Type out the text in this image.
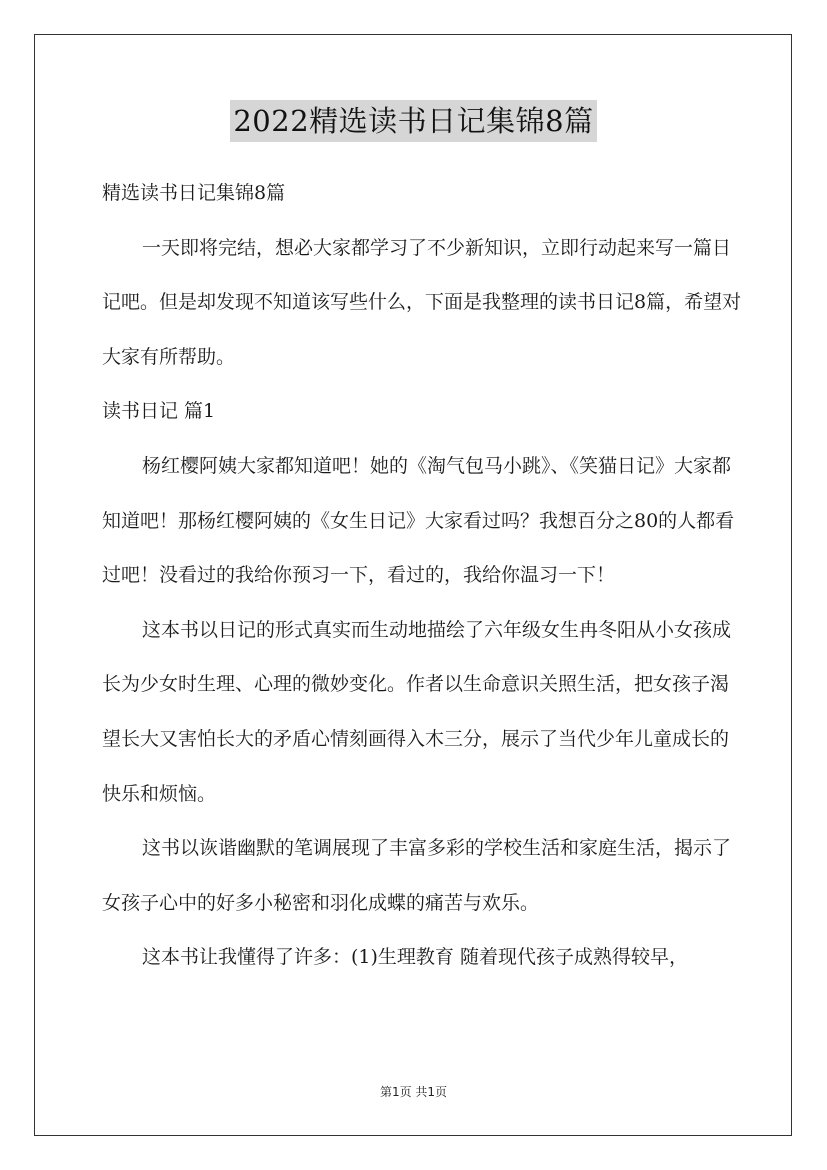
2022精选读书日记集锦8篇

精选读书日记集锦8篇

一天即将完结，想必大家都学习了不少新知识，立即行动起来写一篇日记吧。但是却发现不知道该写些什么，下面是我整理的读书日记8篇，希望对大家有所帮助。

读书日记 篇1

杨红樱阿姨大家都知道吧！她的《淘气包马小跳》、《笑猫日记》大家都知道吧！那杨红樱阿姨的《女生日记》大家看过吗？我想百分之80的人都看过吧！没看过的我给你预习一下，看过的，我给你温习一下！

这本书以日记的形式真实而生动地描绘了六年级女生冉冬阳从小女孩成长为少女时生理、心理的微妙变化。作者以生命意识关照生活，把女孩子渴望长大又害怕长大的矛盾心情刻画得入木三分，展示了当代少年儿童成长的快乐和烦恼。

这书以诙谐幽默的笔调展现了丰富多彩的学校生活和家庭生活，揭示了女孩子心中的好多小秘密和羽化成蝶的痛苦与欢乐。

这本书让我懂得了许多：(1)生理教育 随着现代孩子成熟得较早，

第1页 共1页
